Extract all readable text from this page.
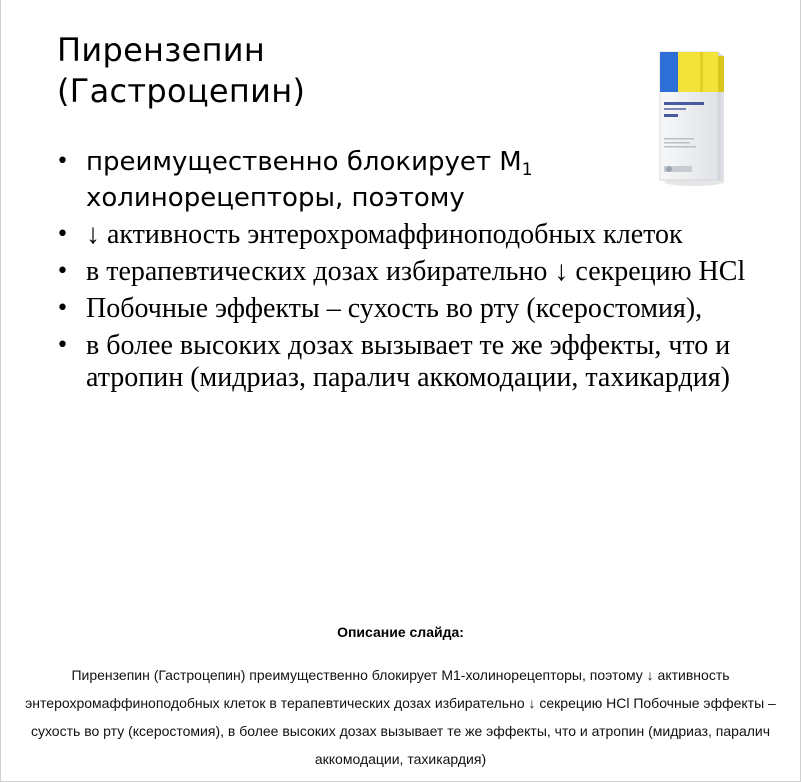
Пирензепин
(Гастроцепин)
• преимущественно блокирует $М_1$
холинорецепторы, поэтому
• ↓ активность энтерохромаффиноподобных клеток
• в терапевтических дозах избирательно ↓ секрецию HCl
• Побочные эффекты – сухость во рту (ксеростомия),
• в более высоких дозах вызывает те же эффекты, что и атропин (мидриаз, паралич аккомодации, тахикардия)

Описание слайда:

Пирензепин (Гастроцепин) преимущественно блокирует М1-холинорецепторы, поэтому ↓ активность энтерохромаффиноподобных клеток в терапевтических дозах избирательно ↓ секрецию HCl Побочные эффекты – сухость во рту (ксеростомия), в более высоких дозах вызывает те же эффекты, что и атропин (мидриаз, паралич аккомодации, тахикардия)
